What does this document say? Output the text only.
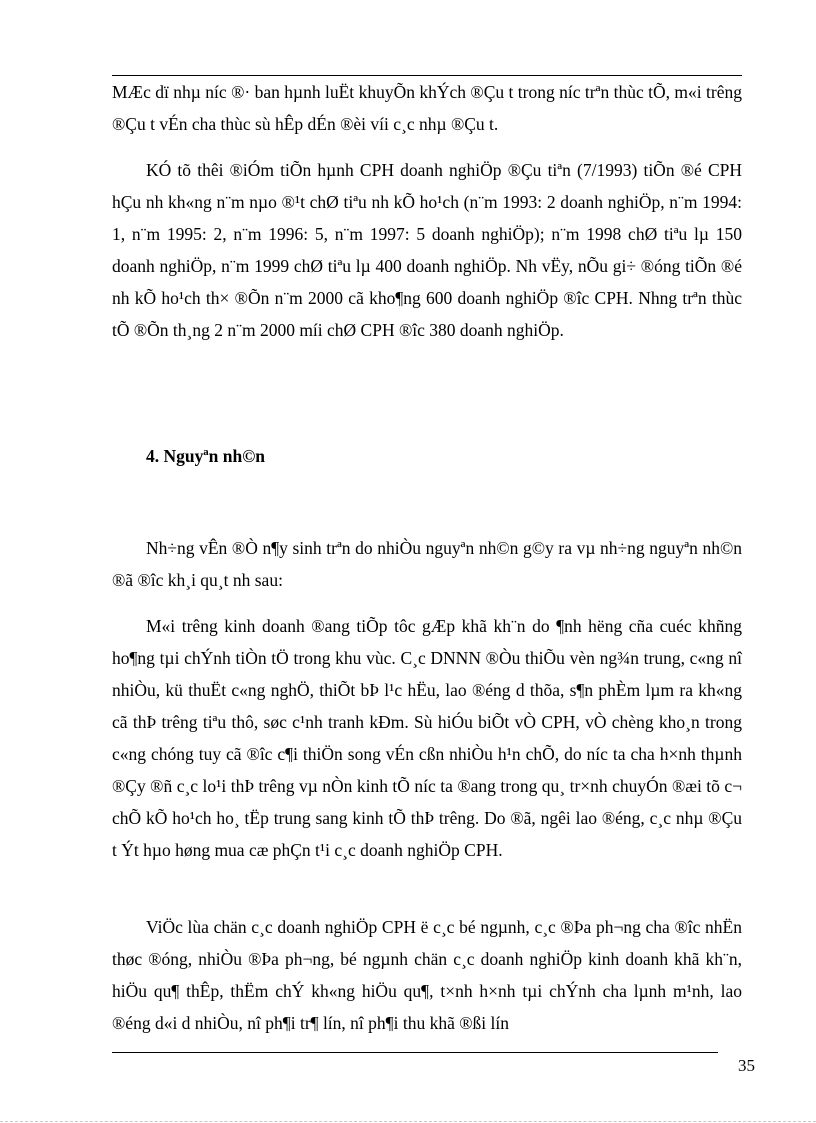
MÆc dï nhµ níc ®· ban hµnh luËt khuyÕn khÝch ®Çu t trong níc trªn thùc tÕ, m«i trêng ®Çu t vÉn cha thùc sù hÊp dÉn ®èi víi c¸c nhµ ®Çu t.

KÓ tõ thêi ®iÓm tiÕn hµnh CPH doanh nghiÖp ®Çu tiªn (7/1993) tiÕn ®é CPH hÇu nh kh«ng n¨m nµo ®¹t chØ tiªu nh kÕ ho¹ch (n¨m 1993: 2 doanh nghiÖp, n¨m 1994: 1, n¨m 1995: 2, n¨m 1996: 5, n¨m 1997: 5 doanh nghiÖp); n¨m 1998 chØ tiªu lµ 150 doanh nghiÖp, n¨m 1999 chØ tiªu lµ 400 doanh nghiÖp. Nh vËy, nÕu gi÷ ®óng tiÕn ®é nh kÕ ho¹ch th× ®Õn n¨m 2000 cã kho¶ng 600 doanh nghiÖp ®îc CPH. Nhng trªn thùc tÕ ®Õn th¸ng 2 n¨m 2000 míi chØ CPH ®îc 380 doanh nghiÖp.

4. Nguyªn nh©n

Nh÷ng vÊn ®Ò n¶y sinh trªn do nhiÒu nguyªn nh©n g©y ra vµ nh÷ng nguyªn nh©n ®ã ®îc kh¸i qu¸t nh sau:

M«i trêng kinh doanh ®ang tiÕp tôc gÆp khã kh¨n do ¶nh hëng cña cuéc khñng ho¶ng tµi chÝnh tiÒn tÖ trong khu vùc. C¸c DNNN ®Òu thiÕu vèn ng¾n trung, c«ng nî nhiÒu, kü thuËt c«ng nghÖ, thiÕt bÞ l¹c hËu, lao ®éng d thõa, s¶n phÈm lµm ra kh«ng cã thÞ trêng tiªu thô, søc c¹nh tranh kÐm. Sù hiÓu biÕt vÒ CPH, vÒ chèng kho¸n trong c«ng chóng tuy cã ®îc c¶i thiÖn song vÉn cßn nhiÒu h¹n chÕ, do níc ta cha h×nh thµnh ®Çy ®ñ c¸c lo¹i thÞ trêng vµ nÒn kinh tÕ níc ta ®ang trong qu¸ tr×nh chuyÓn ®æi tõ c¬ chÕ kÕ ho¹ch ho¸ tËp trung sang kinh tÕ thÞ trêng. Do ®ã, ngêi lao ®éng, c¸c nhµ ®Çu t Ýt hµo høng mua cæ phÇn t¹i c¸c doanh nghiÖp CPH.

ViÖc lùa chän c¸c doanh nghiÖp CPH ë c¸c bé ngµnh, c¸c ®Þa ph¬ng cha ®îc nhËn thøc ®óng, nhiÒu ®Þa ph¬ng, bé ngµnh chän c¸c doanh nghiÖp kinh doanh khã kh¨n, hiÖu qu¶ thÊp, thËm chÝ kh«ng hiÖu qu¶, t×nh h×nh tµi chÝnh cha lµnh m¹nh, lao ®éng d«i d nhiÒu, nî ph¶i tr¶ lín, nî ph¶i thu khã ®ßi lín

35
